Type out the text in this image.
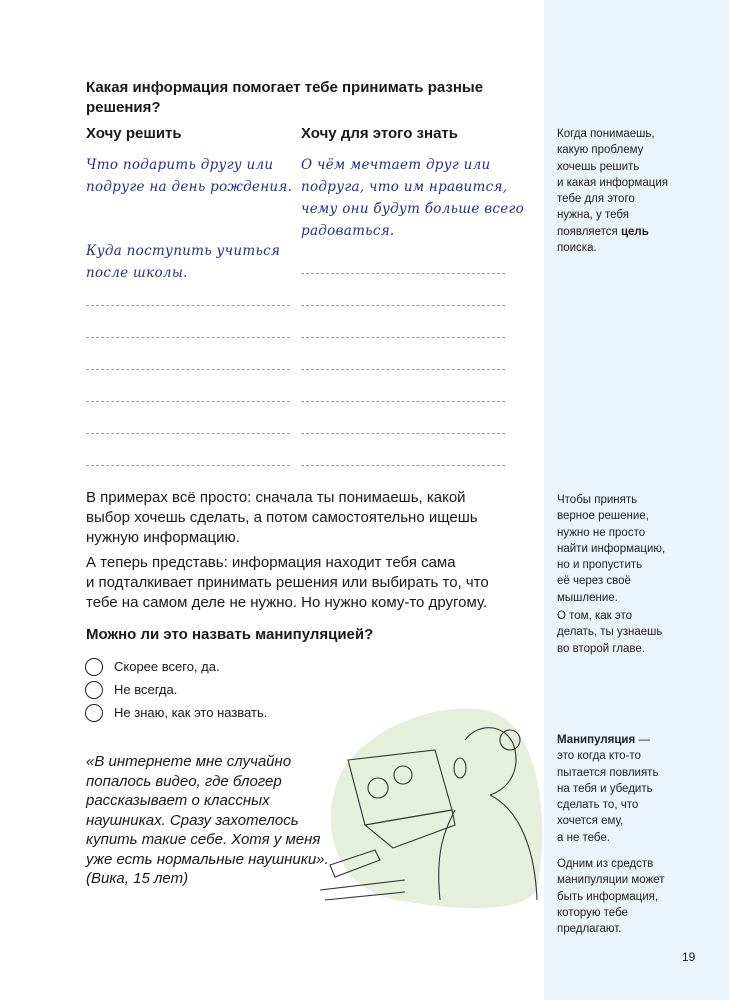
Какая информация помогает тебе принимать разные
решения?
Хочу решить	Хочу для этого знать
Что подарить другу или
подруге на день рождения.
Куда поступить учиться
после школы.
О чём мечтает друг или
подруга, что им нравится,
чему они будут больше всего
радоваться.
В примерах всё просто: сначала ты понимаешь, какой
выбор хочешь сделать, а потом самостоятельно ищешь
нужную информацию.
А теперь представь: информация находит тебя сама
и подталкивает принимать решения или выбирать то, что
тебе на самом деле не нужно. Но нужно кому-то другому.
Можно ли это назвать манипуляцией?
Скорее всего, да.
Не всегда.
Не знаю, как это назвать.
«В интернете мне случайно
попалось видео, где блогер
рассказывает о классных
наушниках. Сразу захотелось
купить такие себе. Хотя у меня
уже есть нормальные наушники».
(Вика, 15 лет)
Когда понимаешь,
какую проблему
хочешь решить
и какая информация
тебе для этого
нужна, у тебя
появляется цель
поиска.
Чтобы принять
верное решение,
нужно не просто
найти информацию,
но и пропустить
её через своё
мышление.
О том, как это
делать, ты узнаешь
во второй главе.
Манипуляция —
это когда кто-то
пытается повлиять
на тебя и убедить
сделать то, что
хочется ему,
а не тебе.
Одним из средств
манипуляции может
быть информация,
которую тебе
предлагают.
19
